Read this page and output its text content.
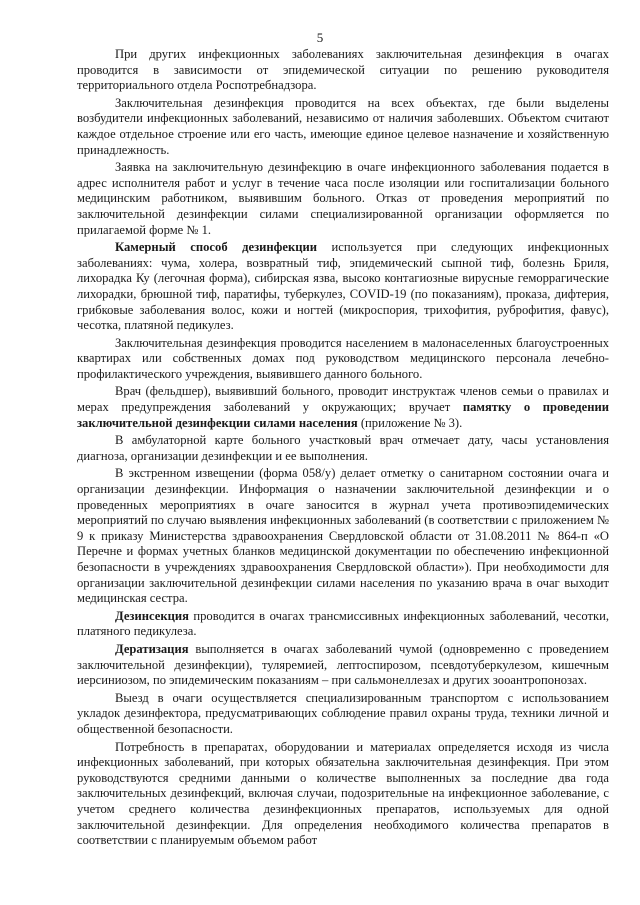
5

При других инфекционных заболеваниях заключительная дезинфекция в очагах проводится в зависимости от эпидемической ситуации по решению руководителя территориального отдела Роспотребнадзора.

Заключительная дезинфекция проводится на всех объектах, где были выделены возбудители инфекционных заболеваний, независимо от наличия заболевших. Объектом считают каждое отдельное строение или его часть, имеющие единое целевое назначение и хозяйственную принадлежность.

Заявка на заключительную дезинфекцию в очаге инфекционного заболевания подается в адрес исполнителя работ и услуг в течение часа после изоляции или госпитализации больного медицинским работником, выявившим больного. Отказ от проведения мероприятий по заключительной дезинфекции силами специализированной организации оформляется по прилагаемой форме № 1.

Камерный способ дезинфекции используется при следующих инфекционных заболеваниях: чума, холера, возвратный тиф, эпидемический сыпной тиф, болезнь Бриля, лихорадка Ку (легочная форма), сибирская язва, высоко контагиозные вирусные геморрагические лихорадки, брюшной тиф, паратифы, туберкулез, COVID-19 (по показаниям), проказа, дифтерия, грибковые заболевания волос, кожи и ногтей (микроспория, трихофития, руброфития, фавус), чесотка, платяной педикулез.

Заключительная дезинфекция проводится населением в малонаселенных благоустроенных квартирах или собственных домах под руководством медицинского персонала лечебно-профилактического учреждения, выявившего данного больного.

Врач (фельдшер), выявивший больного, проводит инструктаж членов семьи о правилах и мерах предупреждения заболеваний у окружающих; вручает памятку о проведении заключительной дезинфекции силами населения (приложение № 3).

В амбулаторной карте больного участковый врач отмечает дату, часы установления диагноза, организации дезинфекции и ее выполнения.

В экстренном извещении (форма 058/у) делает отметку о санитарном состоянии очага и организации дезинфекции. Информация о назначении заключительной дезинфекции и о проведенных мероприятиях в очаге заносится в журнал учета противоэпидемических мероприятий по случаю выявления инфекционных заболеваний (в соответствии с приложением № 9 к приказу Министерства здравоохранения Свердловской области от 31.08.2011 № 864-п «О Перечне и формах учетных бланков медицинской документации по обеспечению инфекционной безопасности в учреждениях здравоохранения Свердловской области»). При необходимости для организации заключительной дезинфекции силами населения по указанию врача в очаг выходит медицинская сестра.

Дезинсекция проводится в очагах трансмиссивных инфекционных заболеваний, чесотки, платяного педикулеза.

Дератизация выполняется в очагах заболеваний чумой (одновременно с проведением заключительной дезинфекции), туляремией, лептоспирозом, псевдотуберкулезом, кишечным иерсиниозом, по эпидемическим показаниям – при сальмонеллезах и других зооантропонозах.

Выезд в очаги осуществляется специализированным транспортом с использованием укладок дезинфектора, предусматривающих соблюдение правил охраны труда, техники личной и общественной безопасности.

Потребность в препаратах, оборудовании и материалах определяется исходя из числа инфекционных заболеваний, при которых обязательна заключительная дезинфекция. При этом руководствуются средними данными о количестве выполненных за последние два года заключительных дезинфекций, включая случаи, подозрительные на инфекционное заболевание, с учетом среднего количества дезинфекционных препаратов, используемых для одной заключительной дезинфекции. Для определения необходимого количества препаратов в соответствии с планируемым объемом работ
